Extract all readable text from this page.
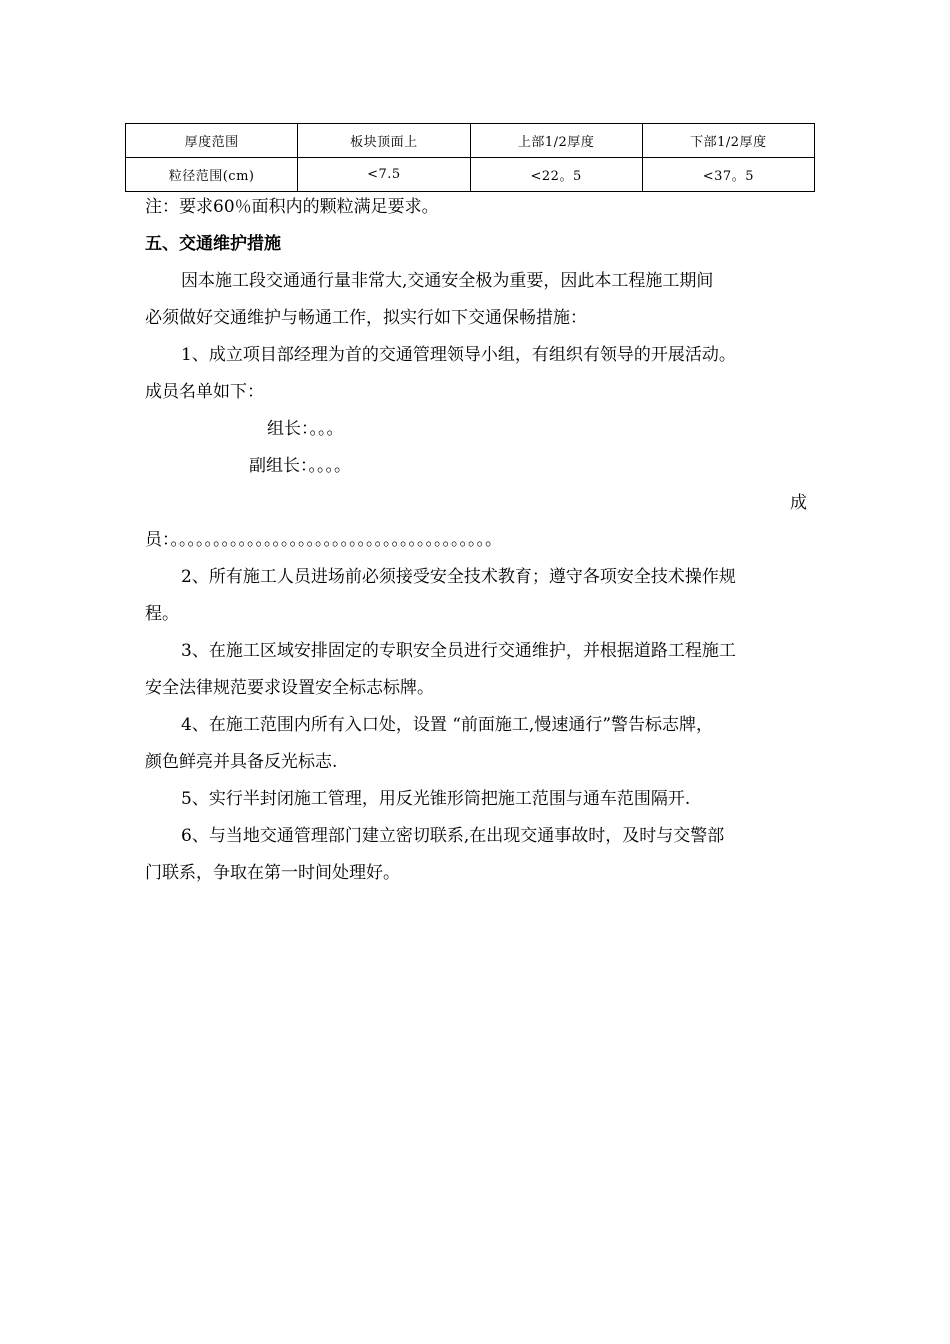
厚度范围	板块顶面上	上部1/2厚度	下部1/2厚度
粒径范围(cm)	<7.5	<22。5	<37。5
注：要求60％面积内的颗粒满足要求。
五、交通维护措施
因本施工段交通通行量非常大,交通安全极为重要，因此本工程施工期间
必须做好交通维护与畅通工作，拟实行如下交通保畅措施：
1、成立项目部经理为首的交通管理领导小组，有组织有领导的开展活动。
成员名单如下：
组长：。。。
副组长：。。。。
成
员：。。。。。。。。。。。。。。。。。。。。。。。。。。。。。。。。。。。。。。
2、所有施工人员进场前必须接受安全技术教育；遵守各项安全技术操作规
程。
3、在施工区域安排固定的专职安全员进行交通维护，并根据道路工程施工
安全法律规范要求设置安全标志标牌。
4、在施工范围内所有入口处，设置 “前面施工,慢速通行”警告标志牌，
颜色鲜亮并具备反光标志.
5、实行半封闭施工管理，用反光锥形筒把施工范围与通车范围隔开.
6、与当地交通管理部门建立密切联系,在出现交通事故时，及时与交警部
门联系，争取在第一时间处理好。
